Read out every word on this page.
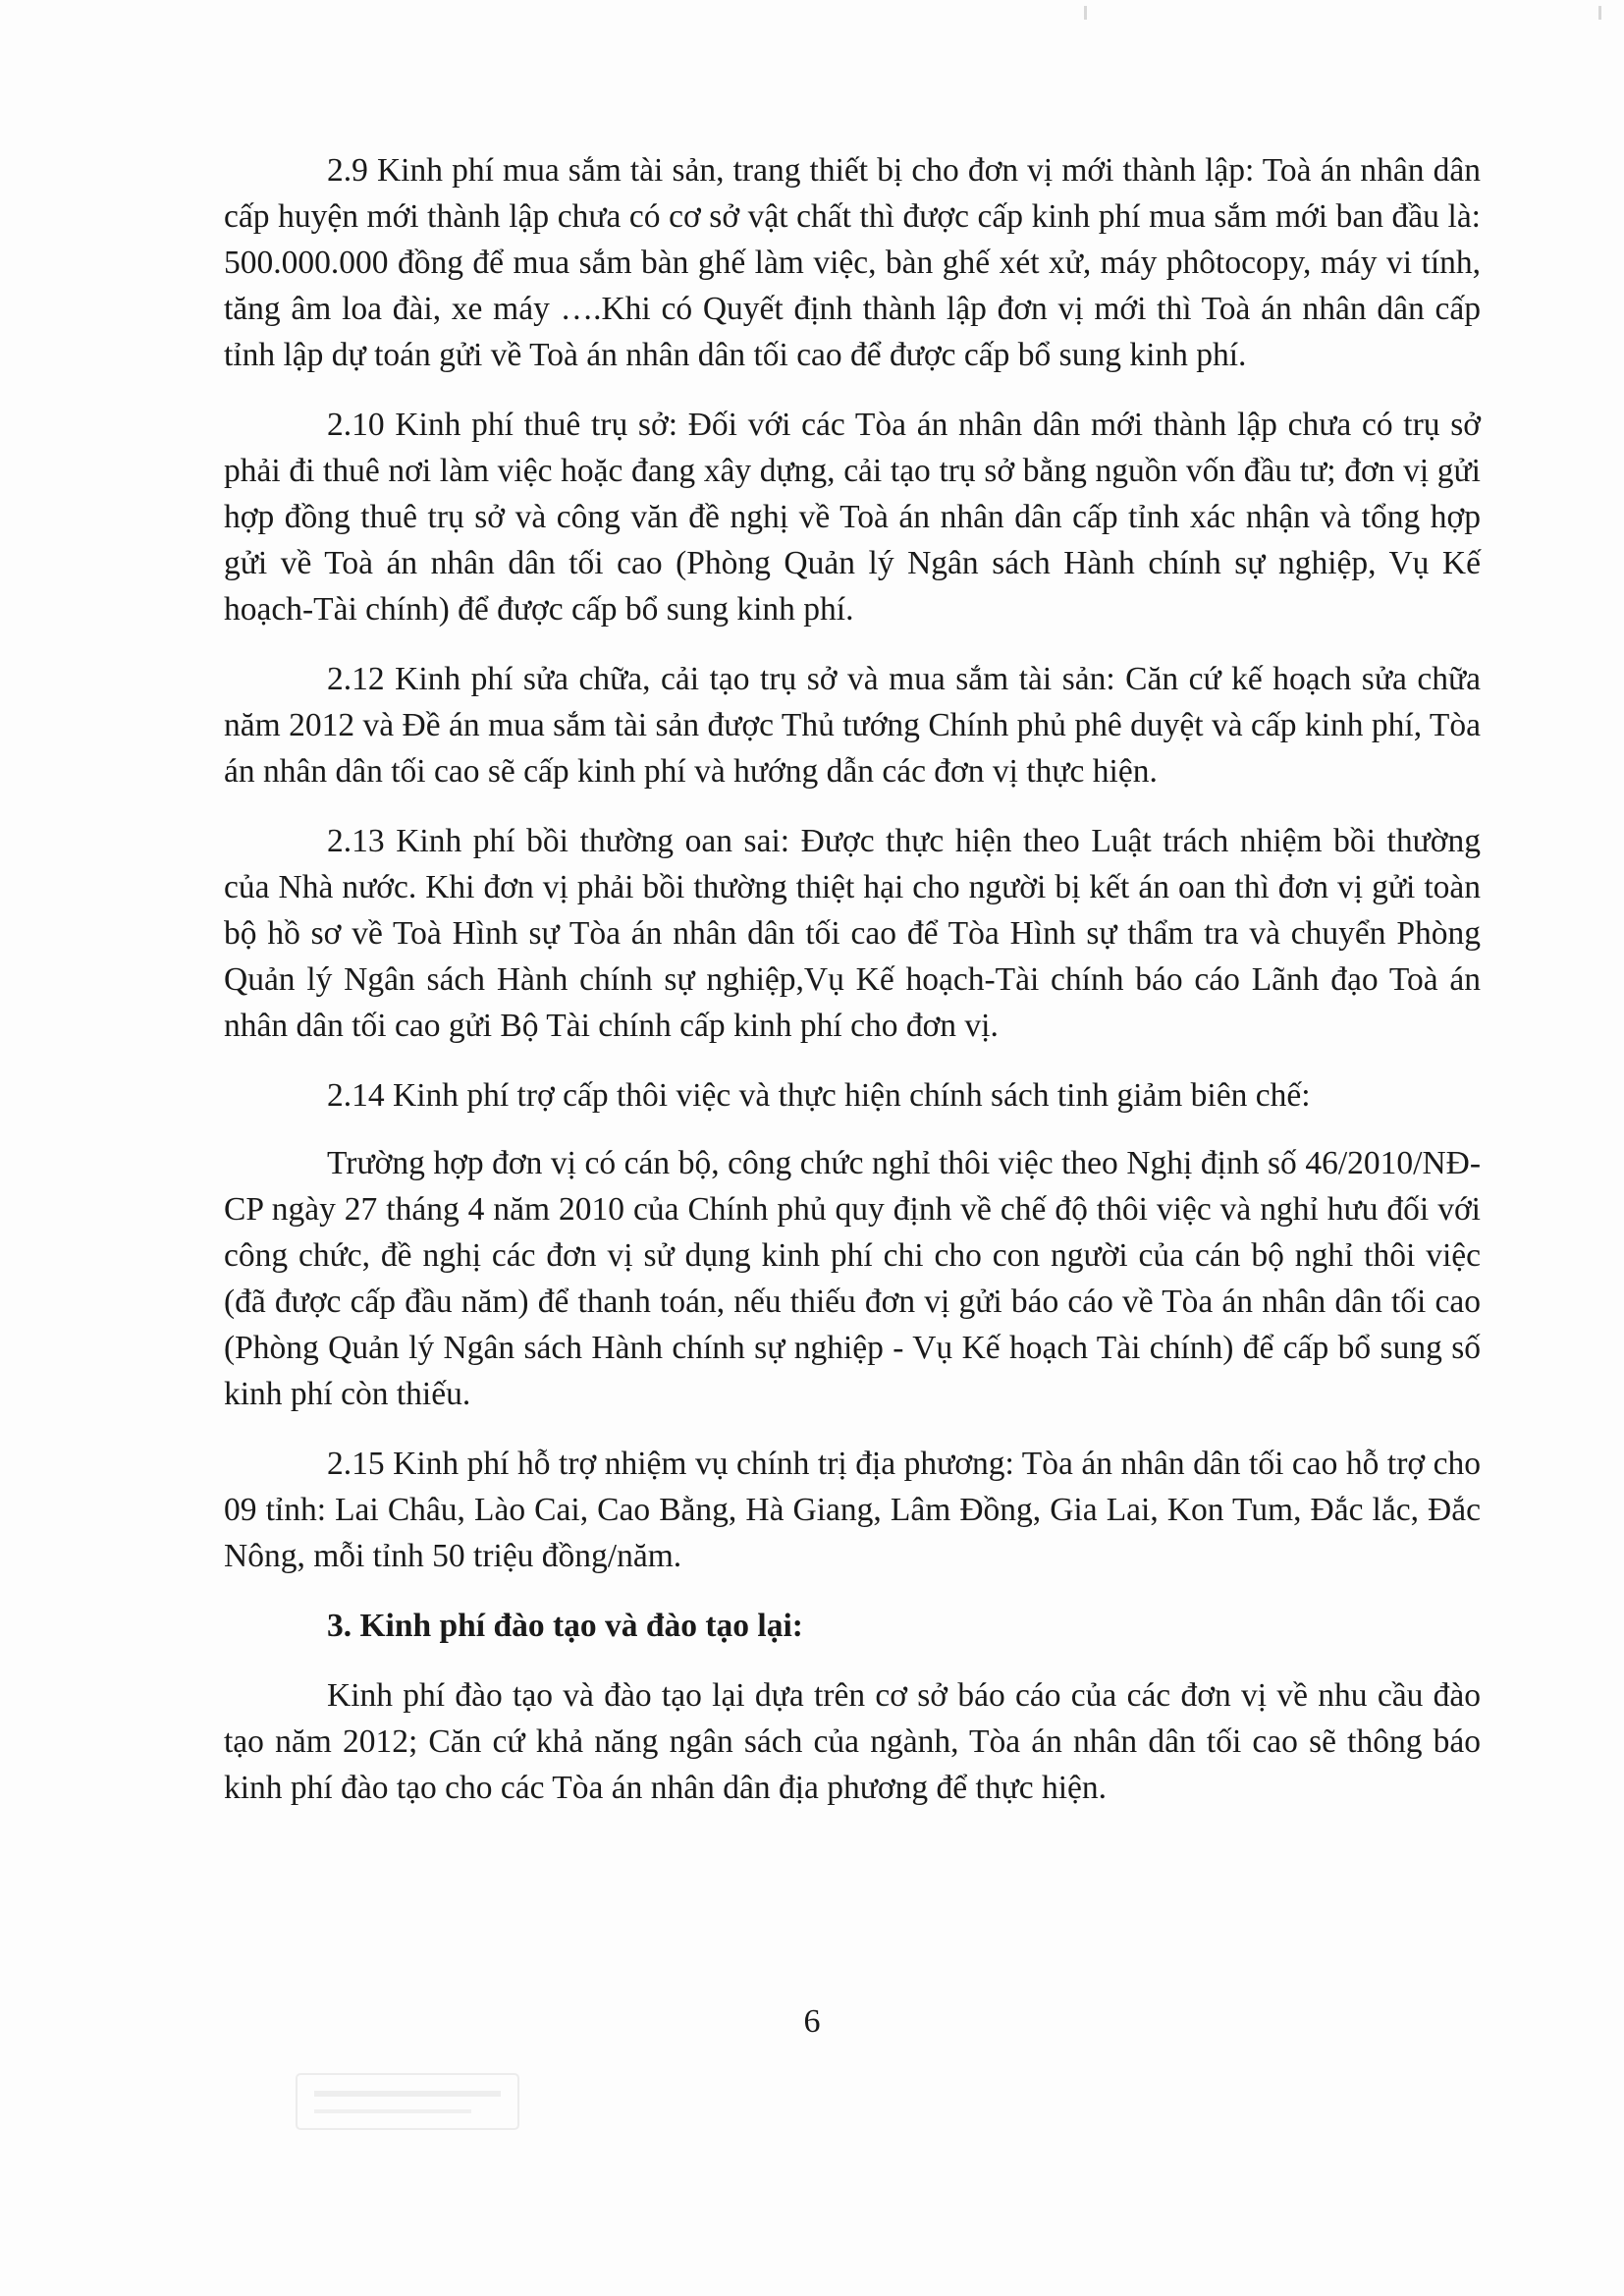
2.9 Kinh phí mua sắm tài sản, trang thiết bị cho đơn vị mới thành lập: Toà án nhân dân cấp huyện mới thành lập chưa có cơ sở vật chất thì được cấp kinh phí mua sắm mới ban đầu là: 500.000.000 đồng để mua sắm bàn ghế làm việc, bàn ghế xét xử, máy phôtocopy, máy vi tính, tăng âm loa đài, xe máy ….Khi có Quyết định thành lập đơn vị mới thì Toà án nhân dân cấp tỉnh lập dự toán gửi về Toà án nhân dân tối cao để được cấp bổ sung kinh phí.

2.10 Kinh phí thuê trụ sở: Đối với các Tòa án nhân dân mới thành lập chưa có trụ sở phải đi thuê nơi làm việc hoặc đang xây dựng, cải tạo trụ sở bằng nguồn vốn đầu tư; đơn vị gửi hợp đồng thuê trụ sở và công văn đề nghị về Toà án nhân dân cấp tỉnh xác nhận và tổng hợp gửi về Toà án nhân dân tối cao (Phòng Quản lý Ngân sách Hành chính sự nghiệp, Vụ Kế hoạch-Tài chính) để được cấp bổ sung kinh phí.

2.12 Kinh phí sửa chữa, cải tạo trụ sở và mua sắm tài sản: Căn cứ kế hoạch sửa chữa năm 2012 và Đề án mua sắm tài sản được Thủ tướng Chính phủ phê duyệt và cấp kinh phí, Tòa án nhân dân tối cao sẽ cấp kinh phí và hướng dẫn các đơn vị thực hiện.

2.13 Kinh phí bồi thường oan sai: Được thực hiện theo Luật trách nhiệm bồi thường của Nhà nước. Khi đơn vị phải bồi thường thiệt hại cho người bị kết án oan thì đơn vị gửi toàn bộ hồ sơ về Toà Hình sự Tòa án nhân dân tối cao để Tòa Hình sự thẩm tra và chuyển Phòng Quản lý Ngân sách Hành chính sự nghiệp,Vụ Kế hoạch-Tài chính báo cáo Lãnh đạo Toà án nhân dân tối cao gửi Bộ Tài chính cấp kinh phí cho đơn vị.

2.14 Kinh phí trợ cấp thôi việc và thực hiện chính sách tinh giảm biên chế:

Trường hợp đơn vị có cán bộ, công chức nghỉ thôi việc theo Nghị định số 46/2010/NĐ-CP ngày 27 tháng 4 năm 2010 của Chính phủ quy định về chế độ thôi việc và nghỉ hưu đối với công chức, đề nghị các đơn vị sử dụng kinh phí chi cho con người của cán bộ nghỉ thôi việc (đã được cấp đầu năm) để thanh toán, nếu thiếu đơn vị gửi báo cáo về Tòa án nhân dân tối cao (Phòng Quản lý Ngân sách Hành chính sự nghiệp - Vụ Kế hoạch Tài chính) để cấp bổ sung số kinh phí còn thiếu.

2.15 Kinh phí hỗ trợ nhiệm vụ chính trị địa phương: Tòa án nhân dân tối cao hỗ trợ cho 09 tỉnh: Lai Châu, Lào Cai, Cao Bằng, Hà Giang, Lâm Đồng, Gia Lai, Kon Tum, Đắc lắc, Đắc Nông, mỗi tỉnh 50 triệu đồng/năm.

3. Kinh phí đào tạo và đào tạo lại:

Kinh phí đào tạo và đào tạo lại dựa trên cơ sở báo cáo của các đơn vị về nhu cầu đào tạo năm 2012; Căn cứ khả năng ngân sách của ngành, Tòa án nhân dân tối cao sẽ thông báo kinh phí đào tạo cho các Tòa án nhân dân địa phương để thực hiện.

6
